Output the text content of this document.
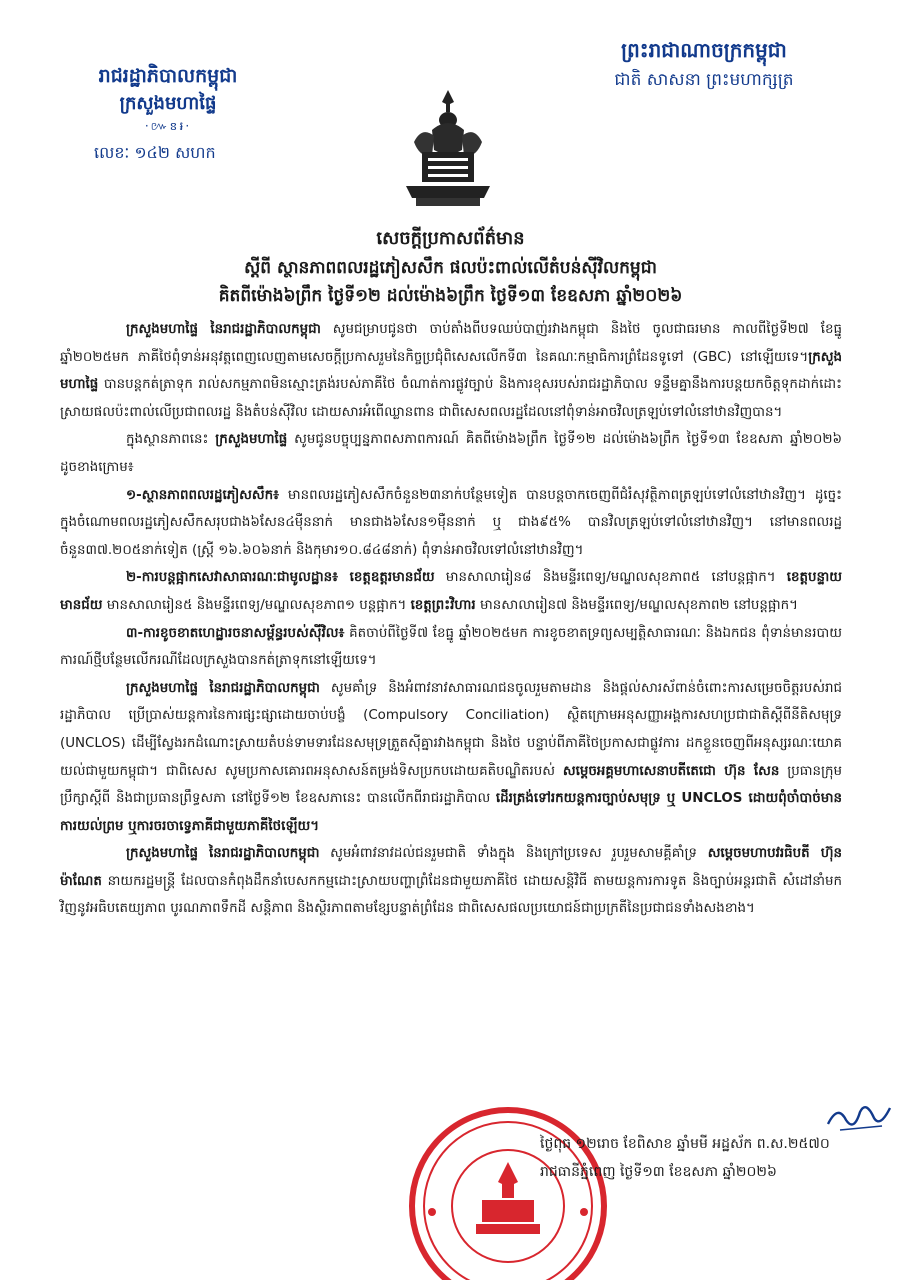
រាជរដ្ឋាភិបាលកម្ពុជា
ក្រសួងមហាផ្ទៃ
·៚ៜ៛·
លេខៈ ១៤២ សហក
ព្រះរាជាណាចក្រកម្ពុជា
ជាតិ សាសនា ព្រះមហាក្សត្រ
សេចក្តីប្រកាសព័ត៌មាន
ស្តីពី ស្ថានភាពពលរដ្ឋភៀសសឹក ផលប៉ះពាល់លើតំបន់ស៊ីវិលកម្ពុជា
គិតពីម៉ោង៦ព្រឹក ថ្ងៃទី១២ ដល់ម៉ោង៦ព្រឹក ថ្ងៃទី១៣ ខែឧសភា ឆ្នាំ២០២៦

ក្រសួងមហាផ្ទៃ នៃរាជរដ្ឋាភិបាលកម្ពុជា សូមជម្រាបជូនថា ចាប់តាំងពីបទឈប់បាញ់រវាងកម្ពុជា និងថៃ ចូលជាធរមាន កាលពីថ្ងៃទី២៧ ខែធ្នូ ឆ្នាំ២០២៥មក ភាគីថៃពុំទាន់អនុវត្តពេញលេញតាមសេចក្តីប្រកាសរួមនៃកិច្ចប្រជុំពិសេសលើកទី៣ នៃគណៈកម្មាធិការព្រំដែនទូទៅ (GBC) នៅឡើយទេ។ក្រសួងមហាផ្ទៃ បានបន្តកត់ត្រាទុក រាល់សកម្មភាពមិនស្មោះត្រង់របស់ភាគីថៃ ចំណាត់ការផ្លូវច្បាប់ និងការខុសរបស់រាជរដ្ឋាភិបាល ទន្ទឹមគ្នានឹងការបន្តយកចិត្តទុកដាក់ដោះស្រាយផលប៉ះពាល់លើប្រជាពលរដ្ឋ និងតំបន់ស៊ីវិល ដោយសារអំពើឈ្លានពាន ជាពិសេសពលរដ្ឋដែលនៅពុំទាន់អាចវិលត្រឡប់ទៅលំនៅឋានវិញបាន។

ក្នុងស្ថានភាពនេះ ក្រសួងមហាផ្ទៃ សូមជូនបច្ចុប្បន្នភាពសភាពការណ៍ គិតពីម៉ោង៦ព្រឹក ថ្ងៃទី១២ ដល់ម៉ោង៦ព្រឹក ថ្ងៃទី១៣ ខែឧសភា ឆ្នាំ២០២៦ ដូចខាងក្រោម៖

១-ស្ថានភាពពលរដ្ឋភៀសសឹក៖ មានពលរដ្ឋភៀសសឹកចំនួន២៣នាក់បន្ថែមទៀត បានបន្តចាកចេញពីជំរំសុវត្ថិភាពត្រឡប់ទៅលំនៅឋានវិញ។ ដូច្នេះ ក្នុងចំណោមពលរដ្ឋភៀសសឹកសរុបជាង៦សែន៤ម៉ឺននាក់ មានជាង៦សែន១ម៉ឺននាក់ ឬ ជាង៩៥% បានវិលត្រឡប់ទៅលំនៅឋានវិញ។ នៅមានពលរដ្ឋចំនួន៣៧.២០៥នាក់ទៀត (ស្ត្រី ១៦.៦០៦នាក់ និងកុមារ១០.៨៤៨នាក់) ពុំទាន់អាចវិលទៅលំនៅឋានវិញ។

២-ការបន្តផ្អាកសេវាសាធារណៈជាមូលដ្ឋាន៖ ខេត្តឧត្តរមានជ័យ មានសាលារៀន៨ និងមន្ទីរពេទ្យ/មណ្ឌលសុខភាព៥ នៅបន្តផ្អាក។ ខេត្តបន្ទាយមានជ័យ មានសាលារៀន៥ និងមន្ទីរពេទ្យ/មណ្ឌលសុខភាព១ បន្តផ្អាក។ ខេត្តព្រះវិហារ មានសាលារៀន៧ និងមន្ទីរពេទ្យ/មណ្ឌលសុខភាព២ នៅបន្តផ្អាក។

៣-ការខូចខាតហេដ្ឋារចនាសម្ព័ន្ធរបស់ស៊ីវិល៖ គិតចាប់ពីថ្ងៃទី៧ ខែធ្នូ ឆ្នាំ២០២៥មក ការខូចខាតទ្រព្យសម្បត្តិសាធារណៈ និងឯកជន ពុំទាន់មានរបាយការណ៍ថ្មីបន្ថែមលើករណីដែលក្រសួងបានកត់ត្រាទុកនៅឡើយទេ។

ក្រសួងមហាផ្ទៃ នៃរាជរដ្ឋាភិបាលកម្ពុជា សូមគាំទ្រ និងអំពាវនាវសាធារណជនចូលរួមតាមដាន និងផ្តល់សារស័ពាន់ចំពោះការសម្រេចចិត្តរបស់រាជរដ្ឋាភិបាល ប្រើប្រាស់យន្តការនៃការផ្សះផ្សាដោយចាប់បង្ខំ (Compulsory Conciliation) ស្ថិតក្រោមអនុសញ្ញាអង្គការសហប្រជាជាតិស្តីពីនីតិសមុទ្រ (UNCLOS) ដើម្បីស្វែងរកដំណោះស្រាយតំបន់ទាមទារដែនសមុទ្រត្រួតស៊ីគ្នារវាងកម្ពុជា និងថៃ បន្ទាប់ពីភាគីថៃប្រកាសជាផ្លូវការ ដកខ្លួនចេញពីអនុស្សរណៈយោគយល់ជាមួយកម្ពុជា។ ជាពិសេស សូមប្រកាសគោរពអនុសាសន៍តម្រង់ទិសប្រកបដោយគតិបណ្ឌិតរបស់ សម្តេចអគ្គមហាសេនាបតីតេជោ ហ៊ុន សែន ប្រធានក្រុមប្រឹក្សាស្តីពី និងជាប្រធានព្រឹទ្ធសភា នៅថ្ងៃទី១២ ខែឧសភានេះ បានលើកពីរាជរដ្ឋាភិបាល ដើរត្រង់ទៅរកយន្តការច្បាប់សមុទ្រ ឬ UNCLOS ដោយពុំចាំបាច់មានការយល់ព្រម ឬការចរចាទ្វេភាគីជាមួយភាគីថៃឡើយ។

ក្រសួងមហាផ្ទៃ នៃរាជរដ្ឋាភិបាលកម្ពុជា សូមអំពាវនាវដល់ជនរួមជាតិ ទាំងក្នុង និងក្រៅប្រទេស រួបរួមសាមគ្គីគាំទ្រ សម្តេចមហាបវរធិបតី ហ៊ុន ម៉ាណែត នាយករដ្ឋមន្ត្រី ដែលបានកំពុងដឹកនាំបេសកកម្មដោះស្រាយបញ្ហាព្រំដែនជាមួយភាគីថៃ ដោយសន្តិវិធី តាមយន្តការការទូត និងច្បាប់អន្តរជាតិ សំដៅនាំមកវិញនូវអធិបតេយ្យភាព បូរណភាពទឹកដី សន្តិភាព និងស្ថិរភាពតាមខ្សែបន្ទាត់ព្រំដែន ជាពិសេសផលប្រយោជន៍ជាប្រក្រតីនៃប្រជាជនទាំងសងខាង។

ថ្ងៃពុធ ១២រោច ខែពិសាខ ឆ្នាំមមី អដ្ឋស័ក ព.ស.២៥៧០
រាជធានីភ្នំពេញ ថ្ងៃទី១៣ ខែឧសភា ឆ្នាំ២០២៦
